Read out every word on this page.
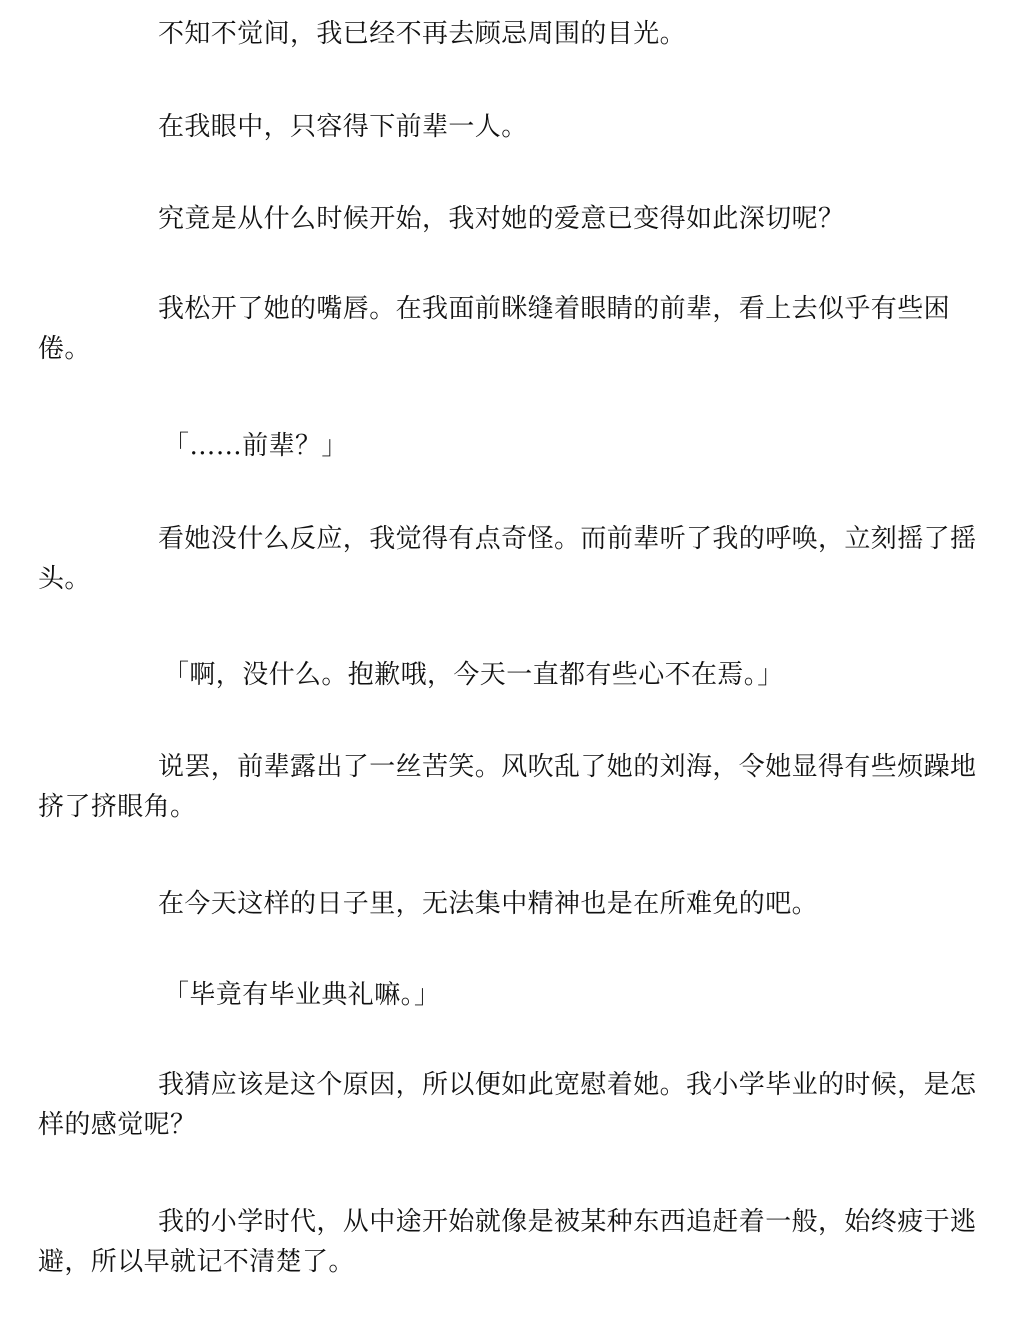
不知不觉间，我已经不再去顾忌周围的目光。

在我眼中，只容得下前辈一人。

究竟是从什么时候开始，我对她的爱意已变得如此深切呢？

我松开了她的嘴唇。在我面前眯缝着眼睛的前辈，看上去似乎有些困倦。

「……前辈？」

看她没什么反应，我觉得有点奇怪。而前辈听了我的呼唤，立刻摇了摇头。

「啊，没什么。抱歉哦，今天一直都有些心不在焉。」

说罢，前辈露出了一丝苦笑。风吹乱了她的刘海，令她显得有些烦躁地挤了挤眼角。

在今天这样的日子里，无法集中精神也是在所难免的吧。

「毕竟有毕业典礼嘛。」

我猜应该是这个原因，所以便如此宽慰着她。我小学毕业的时候，是怎样的感觉呢？

我的小学时代，从中途开始就像是被某种东西追赶着一般，始终疲于逃避，所以早就记不清楚了。
